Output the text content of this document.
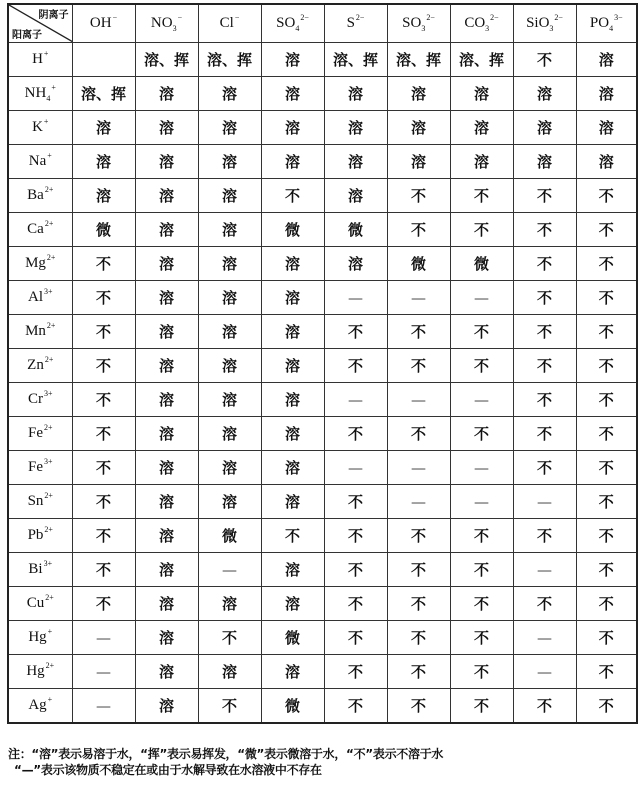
阴离子
阳离子	OH−	$NO_3^-$	Cl−	$SO_4^{2-}$	$S^{2-}$	$SO_3^{2-}$	$CO_3^{2-}$	SiO$_3^{2-}$	$PO_4^{3-}$
H+		溶、挥	溶、挥	溶	溶、挥	溶、挥	溶、挥	不	溶
$NH_4^+$	溶、挥	溶	溶	溶	溶	溶	溶	溶	溶
K+	溶	溶	溶	溶	溶	溶	溶	溶	溶
Na+	溶	溶	溶	溶	溶	溶	溶	溶	溶
$Ba^{2+}$	溶	溶	溶	不	溶	不	不	不	不
$Ca^{2+}$	微	溶	溶	微	微	不	不	不	不
$Mg^{2+}$	不	溶	溶	溶	溶	微	微	不	不
$Al^{3+}$	不	溶	溶	溶	—	—	—	不	不
$Mn^{2+}$	不	溶	溶	溶	不	不	不	不	不
$Zn^{2+}$	不	溶	溶	溶	不	不	不	不	不
$Cr^{3+}$	不	溶	溶	溶	—	—	—	不	不
$Fe^{2+}$	不	溶	溶	溶	不	不	不	不	不
$Fe^{3+}$	不	溶	溶	溶	—	—	—	不	不
$Sn^{2+}$	不	溶	溶	溶	不	—	—	—	不
$Pb^{2+}$	不	溶	微	不	不	不	不	不	不
$Bi^{3+}$	不	溶	—	溶	不	不	不	—	不
$Cu^{2+}$	不	溶	溶	溶	不	不	不	不	不
Hg+	—	溶	不	微	不	不	不	—	不
$Hg^{2+}$	—	溶	溶	溶	不	不	不	—	不
Ag+	—	溶	不	微	不	不	不	不	不
注：“溶”表示易溶于水，“挥”表示易挥发，“微”表示微溶于水，“不”表示不溶于水
“—”表示该物质不稳定在或由于水解导致在水溶液中不存在
